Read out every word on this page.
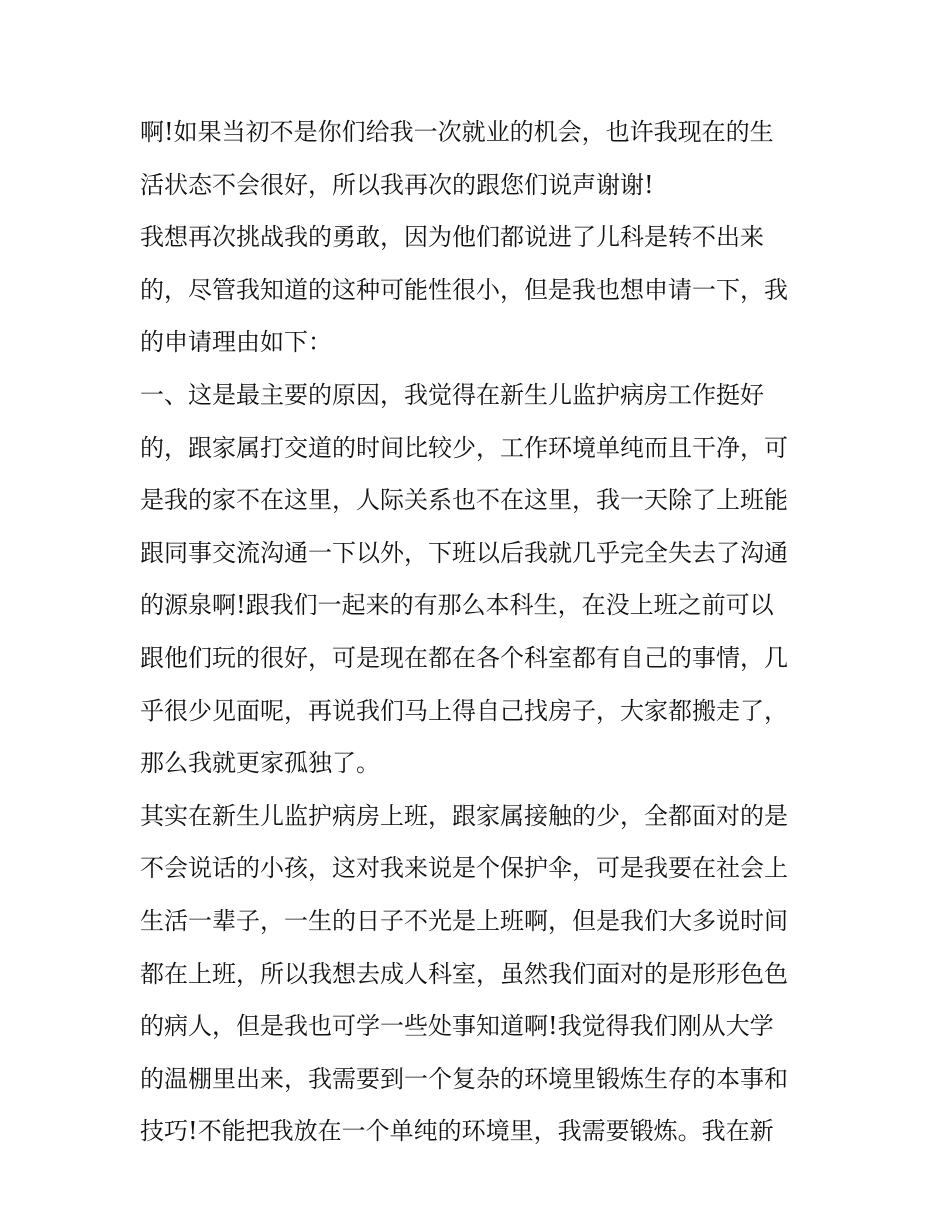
啊!如果当初不是你们给我一次就业的机会，也许我现在的生
活状态不会很好，所以我再次的跟您们说声谢谢!
我想再次挑战我的勇敢，因为他们都说进了儿科是转不出来
的，尽管我知道的这种可能性很小，但是我也想申请一下，我
的申请理由如下：
一、这是最主要的原因，我觉得在新生儿监护病房工作挺好
的，跟家属打交道的时间比较少，工作环境单纯而且干净，可
是我的家不在这里，人际关系也不在这里，我一天除了上班能
跟同事交流沟通一下以外，下班以后我就几乎完全失去了沟通
的源泉啊!跟我们一起来的有那么本科生，在没上班之前可以
跟他们玩的很好，可是现在都在各个科室都有自己的事情，几
乎很少见面呢，再说我们马上得自己找房子，大家都搬走了，
那么我就更家孤独了。
其实在新生儿监护病房上班，跟家属接触的少，全都面对的是
不会说话的小孩，这对我来说是个保护伞，可是我要在社会上
生活一辈子，一生的日子不光是上班啊，但是我们大多说时间
都在上班，所以我想去成人科室，虽然我们面对的是形形色色
的病人，但是我也可学一些处事知道啊!我觉得我们刚从大学
的温棚里出来，我需要到一个复杂的环境里锻炼生存的本事和
技巧!不能把我放在一个单纯的环境里，我需要锻炼。我在新
